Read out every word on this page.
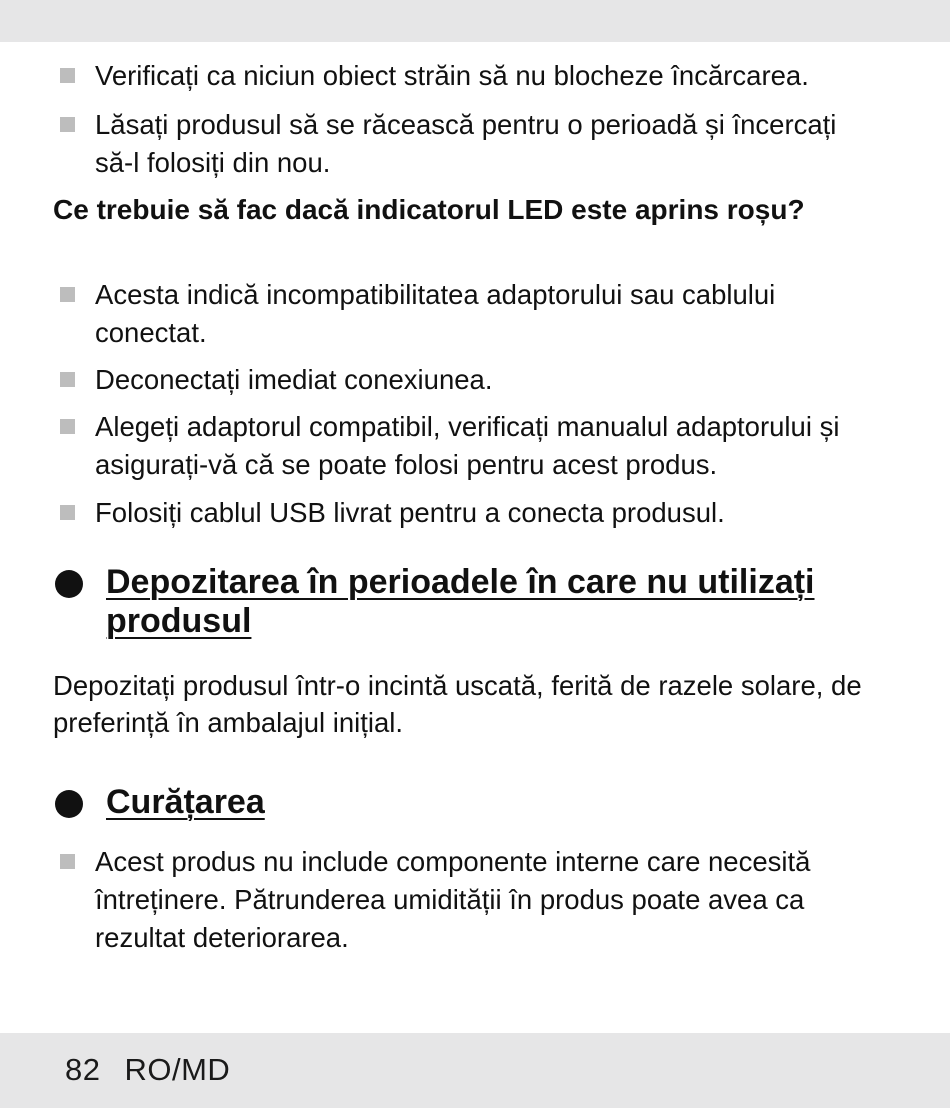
Verificați ca niciun obiect străin să nu blocheze încărcarea.
Lăsați produsul să se răcească pentru o perioadă și încercați să-l folosiți din nou.
Ce trebuie să fac dacă indicatorul LED este aprins roșu?
Acesta indică incompatibilitatea adaptorului sau cablului conectat.
Deconectați imediat conexiunea.
Alegeți adaptorul compatibil, verificați manualul adaptorului și asigurați-vă că se poate folosi pentru acest produs.
Folosiți cablul USB livrat pentru a conecta produsul.
Depozitarea în perioadele în care nu utilizați produsul
Depozitați produsul într-o incintă uscată, ferită de razele solare, de preferință în ambalajul inițial.
Curățarea
Acest produs nu include componente interne care necesită întreținere. Pătrunderea umidității în produs poate avea ca rezultat deteriorarea.
82 RO/MD
